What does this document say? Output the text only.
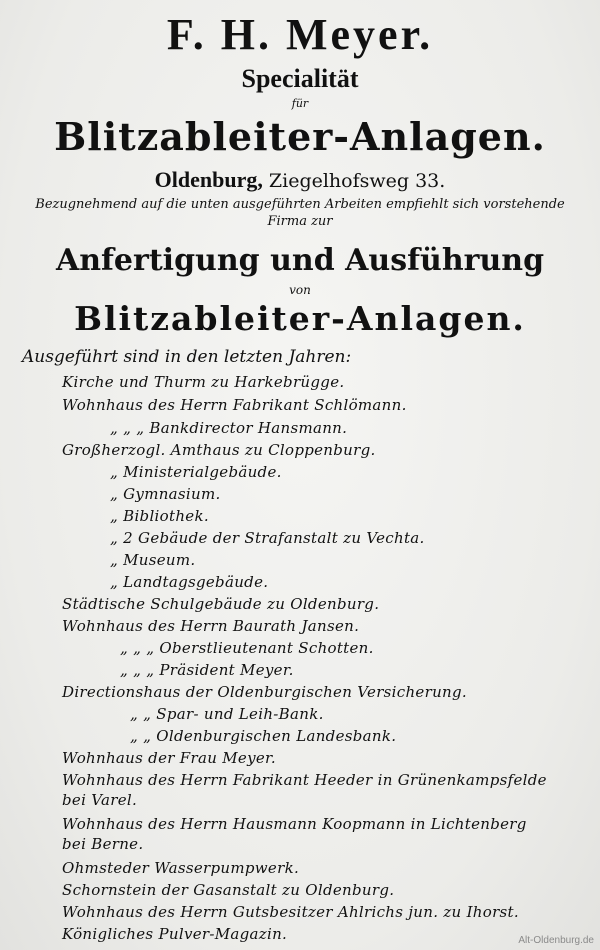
F. H. Meyer.
Specialität
für
Blitzableiter-Anlagen.
Oldenburg, Ziegelhofsweg 33.
Bezugnehmend auf die unten ausgeführten Arbeiten empfiehlt sich vorstehende Firma zur
Anfertigung und Ausführung
von
Blitzableiter-Anlagen.
Ausgeführt sind in den letzten Jahren:
Kirche und Thurm zu Harkebrügge.
Wohnhaus des Herrn Fabrikant Schlömann.
„ „ „ Bankdirector Hansmann.
Großherzogl. Amthaus zu Cloppenburg.
„ Ministerialgebäude.
„ Gymnasium.
„ Bibliothek.
„ 2 Gebäude der Strafanstalt zu Vechta.
„ Museum.
„ Landtagsgebäude.
Städtische Schulgebäude zu Oldenburg.
Wohnhaus des Herrn Baurath Jansen.
„ „ „ Oberstlieutenant Schotten.
„ „ „ Präsident Meyer.
Directionshaus der Oldenburgischen Versicherung.
„ „ Spar- und Leih-Bank.
„ „ Oldenburgischen Landesbank.
Wohnhaus der Frau Meyer.
Wohnhaus des Herrn Fabrikant Heeder in Grünenkampsfelde
bei Varel.
Wohnhaus des Herrn Hausmann Koopmann in Lichtenberg
bei Berne.
Ohmsteder Wasserpumpwerk.
Schornstein der Gasanstalt zu Oldenburg.
Wohnhaus des Herrn Gutsbesitzer Ahlrichs jun. zu Ihorst.
Königliches Pulver-Magazin.	Alt-Oldenburg.de
